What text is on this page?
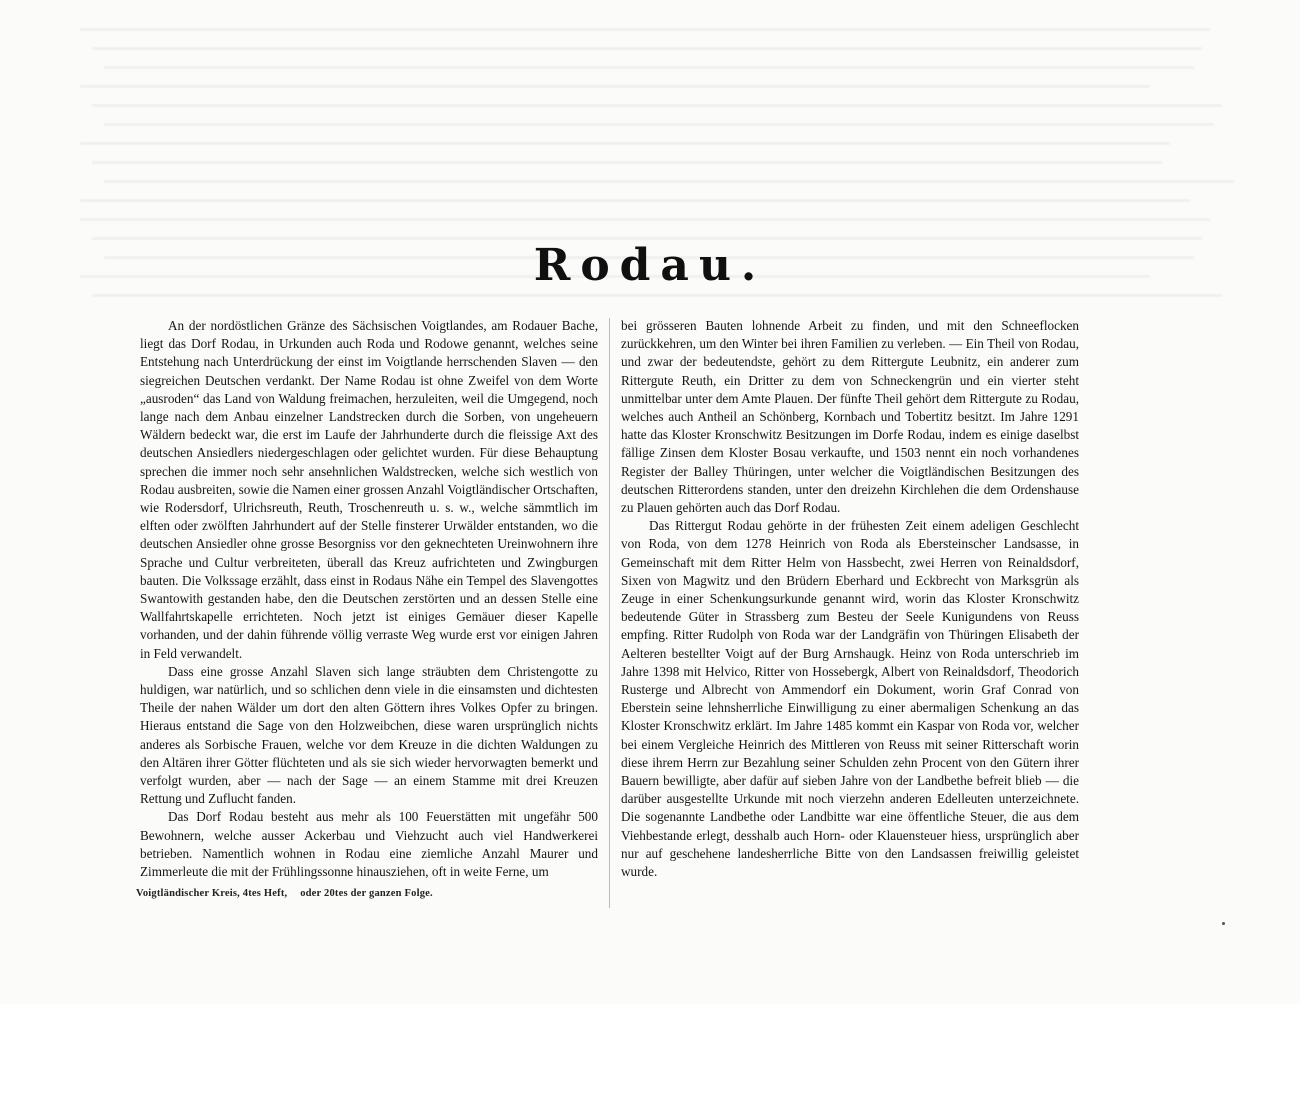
Rodau.

An der nordöstlichen Gränze des Sächsischen Voigtlandes, am Rodauer Bache, liegt das Dorf Rodau, in Urkunden auch Roda und Rodowe genannt, welches seine Entstehung nach Unterdrückung der einst im Voigtlande herrschenden Slaven — den siegreichen Deutschen verdankt. Der Name Rodau ist ohne Zweifel von dem Worte „ausroden“ das Land von Waldung freimachen, herzuleiten, weil die Umgegend, noch lange nach dem Anbau einzelner Landstrecken durch die Sorben, von ungeheuern Wäldern bedeckt war, die erst im Laufe der Jahrhunderte durch die fleissige Axt des deutschen Ansiedlers niedergeschlagen oder gelichtet wurden. Für diese Behauptung sprechen die immer noch sehr ansehnlichen Waldstrecken, welche sich westlich von Rodau ausbreiten, sowie die Namen einer grossen Anzahl Voigtländischer Ortschaften, wie Rodersdorf, Ulrichsreuth, Reuth, Troschenreuth u. s. w., welche sämmtlich im elften oder zwölften Jahrhundert auf der Stelle finsterer Urwälder entstanden, wo die deutschen Ansiedler ohne grosse Besorgniss vor den geknechteten Ureinwohnern ihre Sprache und Cultur verbreiteten, überall das Kreuz aufrichteten und Zwingburgen bauten. Die Volkssage erzählt, dass einst in Rodaus Nähe ein Tempel des Slavengottes Swantowith gestanden habe, den die Deutschen zerstörten und an dessen Stelle eine Wallfahrtskapelle errichteten. Noch jetzt ist einiges Gemäuer dieser Kapelle vorhanden, und der dahin führende völlig verraste Weg wurde erst vor einigen Jahren in Feld verwandelt.

Dass eine grosse Anzahl Slaven sich lange sträubten dem Christengotte zu huldigen, war natürlich, und so schlichen denn viele in die einsamsten und dichtesten Theile der nahen Wälder um dort den alten Göttern ihres Volkes Opfer zu bringen. Hieraus entstand die Sage von den Holzweibchen, diese waren ursprünglich nichts anderes als Sorbische Frauen, welche vor dem Kreuze in die dichten Waldungen zu den Altären ihrer Götter flüchteten und als sie sich wieder hervorwagten bemerkt und verfolgt wurden, aber — nach der Sage — an einem Stamme mit drei Kreuzen Rettung und Zuflucht fanden.

Das Dorf Rodau besteht aus mehr als 100 Feuerstätten mit ungefähr 500 Bewohnern, welche ausser Ackerbau und Viehzucht auch viel Handwerkerei betrieben. Namentlich wohnen in Rodau eine ziemliche Anzahl Maurer und Zimmerleute die mit der Frühlingssonne hinausziehen, oft in weite Ferne, um

bei grösseren Bauten lohnende Arbeit zu finden, und mit den Schneeflocken zurückkehren, um den Winter bei ihren Familien zu verleben. — Ein Theil von Rodau, und zwar der bedeutendste, gehört zu dem Rittergute Leubnitz, ein anderer zum Rittergute Reuth, ein Dritter zu dem von Schneckengrün und ein vierter steht unmittelbar unter dem Amte Plauen. Der fünfte Theil gehört dem Rittergute zu Rodau, welches auch Antheil an Schönberg, Kornbach und Tobertitz besitzt. Im Jahre 1291 hatte das Kloster Kronschwitz Besitzungen im Dorfe Rodau, indem es einige daselbst fällige Zinsen dem Kloster Bosau verkaufte, und 1503 nennt ein noch vorhandenes Register der Balley Thüringen, unter welcher die Voigtländischen Besitzungen des deutschen Ritterordens standen, unter den dreizehn Kirchlehen die dem Ordenshause zu Plauen gehörten auch das Dorf Rodau.

Das Rittergut Rodau gehörte in der frühesten Zeit einem adeligen Geschlecht von Roda, von dem 1278 Heinrich von Roda als Ebersteinscher Landsasse, in Gemeinschaft mit dem Ritter Helm von Hassbecht, zwei Herren von Reinaldsdorf, Sixen von Magwitz und den Brüdern Eberhard und Eckbrecht von Marksgrün als Zeuge in einer Schenkungsurkunde genannt wird, worin das Kloster Kronschwitz bedeutende Güter in Strassberg zum Besteu der Seele Kunigundens von Reuss empfing. Ritter Rudolph von Roda war der Landgräfin von Thüringen Elisabeth der Aelteren bestellter Voigt auf der Burg Arnshaugk. Heinz von Roda unterschrieb im Jahre 1398 mit Helvico, Ritter von Hossebergk, Albert von Reinaldsdorf, Theodorich Rusterge und Albrecht von Ammendorf ein Dokument, worin Graf Conrad von Eberstein seine lehnsherrliche Einwilligung zu einer abermaligen Schenkung an das Kloster Kronschwitz erklärt. Im Jahre 1485 kommt ein Kaspar von Roda vor, welcher bei einem Vergleiche Heinrich des Mittleren von Reuss mit seiner Ritterschaft worin diese ihrem Herrn zur Bezahlung seiner Schulden zehn Procent von den Gütern ihrer Bauern bewilligte, aber dafür auf sieben Jahre von der Landbethe befreit blieb — die darüber ausgestellte Urkunde mit noch vierzehn anderen Edelleuten unterzeichnete. Die sogenannte Landbethe oder Landbitte war eine öffentliche Steuer, die aus dem Viehbestande erlegt, desshalb auch Horn- oder Klauensteuer hiess, ursprünglich aber nur auf geschehene landesherrliche Bitte von den Landsassen freiwillig geleistet wurde.

Voigtländischer Kreis, 4tes Heft, oder 20tes der ganzen Folge.
